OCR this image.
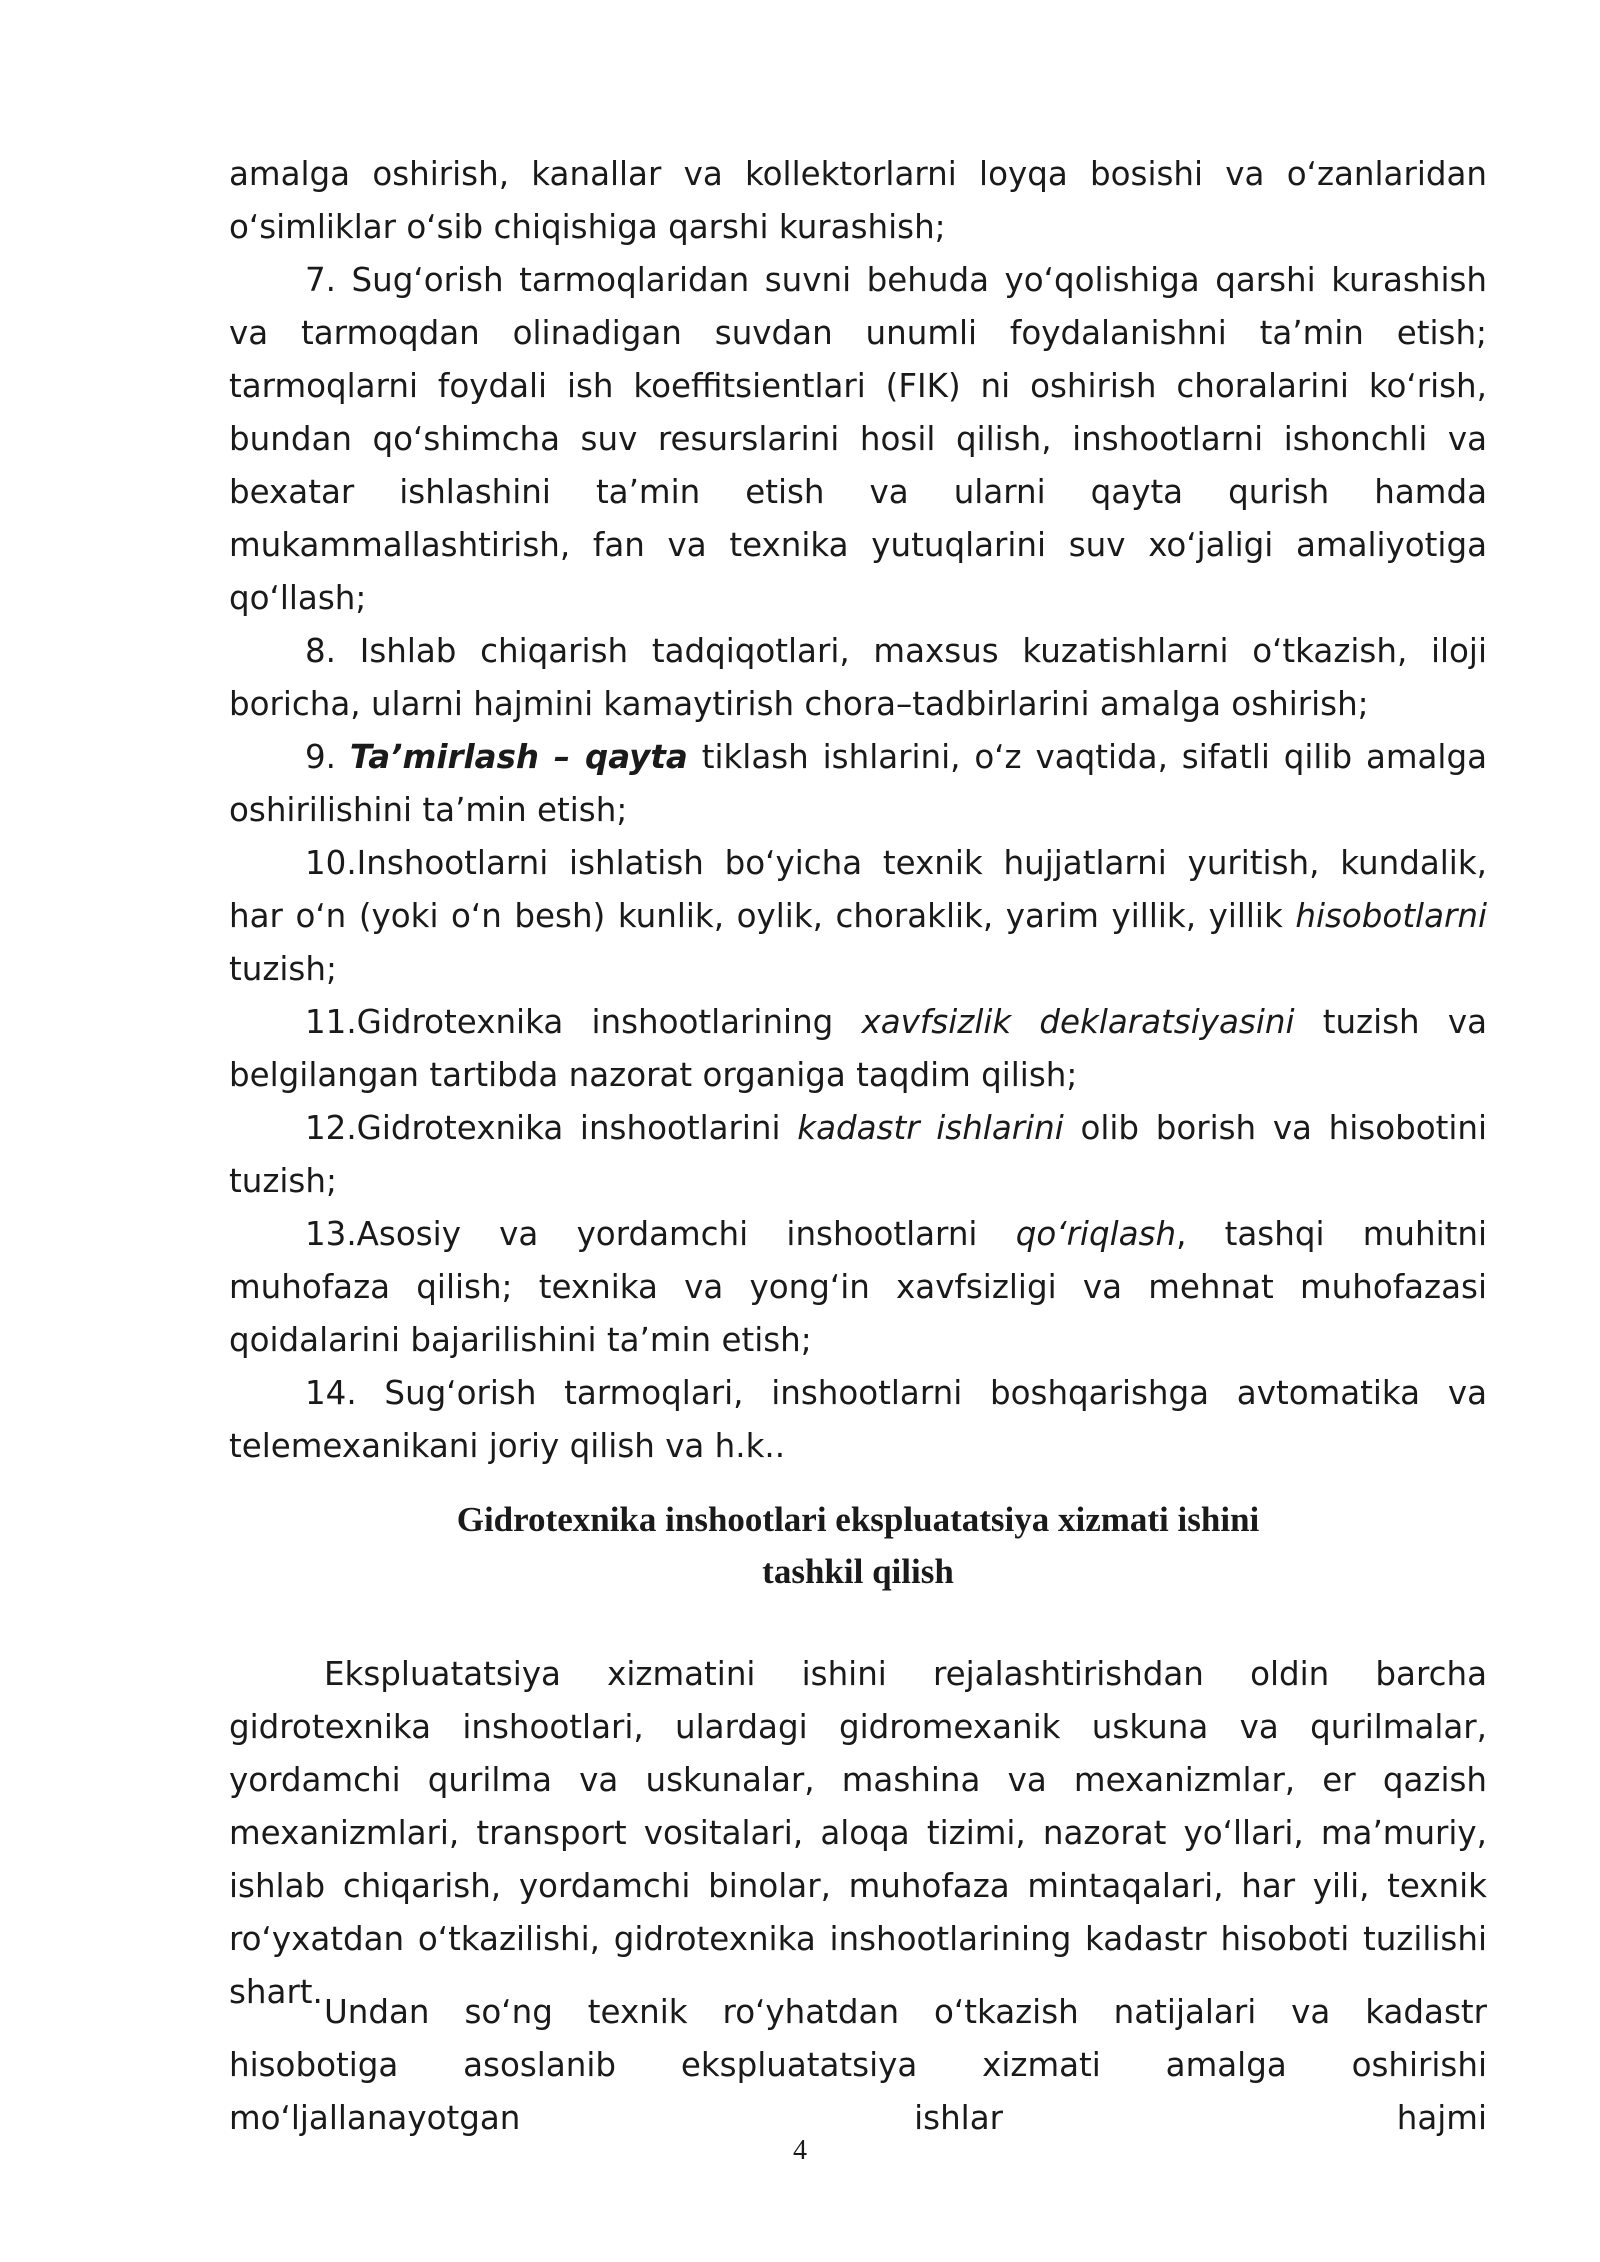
amalga oshirish, kanallar va kollektorlarni loyqa bosishi va oʻzanlaridan oʻsimliklar oʻsib chiqishiga qarshi kurashish;

7. Sugʻorish tarmoqlaridan suvni behuda yoʻqolishiga qarshi kurashish va tarmoqdan olinadigan suvdan unumli foydalanishni taʼmin etish; tarmoqlarni foydali ish koeffitsientlari (FIK) ni oshirish choralarini koʻrish, bundan qoʻshimcha suv resurslarini hosil qilish, inshootlarni ishonchli va bexatar ishlashini taʼmin etish va ularni qayta qurish hamda mukammallashtirish, fan va texnika yutuqlarini suv xoʻjaligi amaliyotiga qoʻllash;

8. Ishlab chiqarish tadqiqotlari, maxsus kuzatishlarni oʻtkazish, iloji boricha, ularni hajmini kamaytirish chora–tadbirlarini amalga oshirish;

9. Taʼmirlash – qayta tiklash ishlarini, oʻz vaqtida, sifatli qilib amalga oshirilishini taʼmin etish;

10.Inshootlarni ishlatish boʻyicha texnik hujjatlarni yuritish, kundalik, har oʻn (yoki oʻn besh) kunlik, oylik, choraklik, yarim yillik, yillik hisobotlarni tuzish;

11.Gidrotexnika inshootlarining xavfsizlik deklaratsiyasini tuzish va belgilangan tartibda nazorat organiga taqdim qilish;

12.Gidrotexnika inshootlarini kadastr ishlarini olib borish va hisobotini tuzish;

13.Asosiy va yordamchi inshootlarni qoʻriqlash, tashqi muhitni muhofaza qilish; texnika va yongʻin xavfsizligi va mehnat muhofazasi qoidalarini bajarilishini taʼmin etish;

14. Sugʻorish tarmoqlari, inshootlarni boshqarishga avtomatika va telemexanikani joriy qilish va h.k..

Gidrotexnika inshootlari ekspluatatsiya xizmati ishini
tashkil qilish

Ekspluatatsiya xizmatini ishini rejalashtirishdan oldin barcha gidrotexnika inshootlari, ulardagi gidromexanik uskuna va qurilmalar, yordamchi qurilma va uskunalar, mashina va mexanizmlar, er qazish mexanizmlari, transport vositalari, aloqa tizimi, nazorat yoʻllari, maʼmuriy, ishlab chiqarish, yordamchi binolar, muhofaza mintaqalari, har yili, texnik roʻyxatdan oʻtkazilishi, gidrotexnika inshootlarining kadastr hisoboti tuzilishi shart.

Undan soʻng texnik roʻyhatdan oʻtkazish natijalari va kadastr hisobotiga asoslanib ekspluatatsiya xizmati amalga oshirishi moʻljallanayotgan ishlar hajmi

4
